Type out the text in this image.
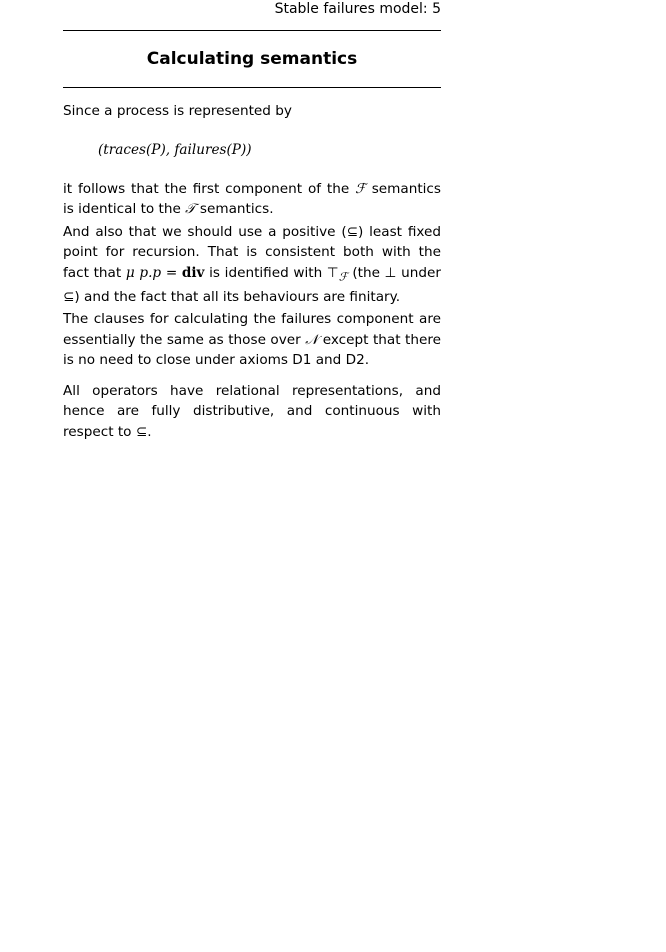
Stable failures model: 5
Calculating semantics

Since a process is represented by

(traces(P), failures(P))

it follows that the first component of the ℱ semantics is identical to the 𝒯 semantics.

And also that we should use a positive (⊆) least fixed point for recursion. That is consistent both with the fact that μ p.p = div is identified with $⊤_ℱ$ (the ⊥ under ⊆) and the fact that all its behaviours are finitary.

The clauses for calculating the failures component are essentially the same as those over 𝒩 except that there is no need to close under axioms D1 and D2.

All operators have relational representations, and hence are fully distributive, and continuous with respect to ⊆.
